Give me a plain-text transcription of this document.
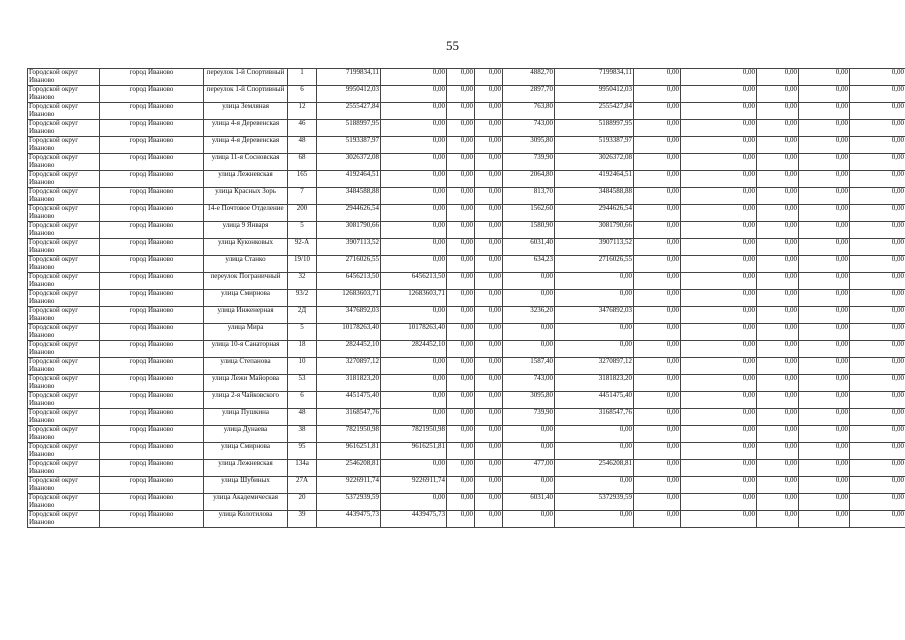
55
Городской округ Иваново	город Иваново	переулок 1-й Спортивный	1	7199834,11	0,00	0,00	0,00	4882,70	7199834,11	0,00	0,00	0,00	0,00	0,00
Городской округ Иваново	город Иваново	переулок 1-й Спортивный	6	9950412,03	0,00	0,00	0,00	2897,70	9950412,03	0,00	0,00	0,00	0,00	0,00
Городской округ Иваново	город Иваново	улица Земляная	12	2555427,84	0,00	0,00	0,00	763,80	2555427,84	0,00	0,00	0,00	0,00	0,00
Городской округ Иваново	город Иваново	улица 4-я Деревенская	46	5188997,95	0,00	0,00	0,00	743,00	5188997,95	0,00	0,00	0,00	0,00	0,00
Городской округ Иваново	город Иваново	улица 4-я Деревенская	48	5193387,97	0,00	0,00	0,00	3095,80	5193387,97	0,00	0,00	0,00	0,00	0,00
Городской округ Иваново	город Иваново	улица 11-я Сосновская	68	3026372,08	0,00	0,00	0,00	739,90	3026372,08	0,00	0,00	0,00	0,00	0,00
Городской округ Иваново	город Иваново	улица Лежневская	165	4192464,51	0,00	0,00	0,00	2064,80	4192464,51	0,00	0,00	0,00	0,00	0,00
Городской округ Иваново	город Иваново	улица Красных Зорь	7	3484588,88	0,00	0,00	0,00	813,70	3484588,88	0,00	0,00	0,00	0,00	0,00
Городской округ Иваново	город Иваново	14-е Почтовое Отделение	200	2944626,54	0,00	0,00	0,00	1562,60	2944626,54	0,00	0,00	0,00	0,00	0,00
Городской округ Иваново	город Иваново	улица 9 Января	5	3081790,66	0,00	0,00	0,00	1580,90	3081790,66	0,00	0,00	0,00	0,00	0,00
Городской округ Иваново	город Иваново	улица Куконковых	92-А	3907113,52	0,00	0,00	0,00	6031,40	3907113,52	0,00	0,00	0,00	0,00	0,00
Городской округ Иваново	город Иваново	улица Станко	19/10	2716026,55	0,00	0,00	0,00	634,23	2716026,55	0,00	0,00	0,00	0,00	0,00
Городской округ Иваново	город Иваново	переулок Пограничный	32	6456213,50	6456213,50	0,00	0,00	0,00	0,00	0,00	0,00	0,00	0,00	0,00
Городской округ Иваново	город Иваново	улица Смирнова	93/2	12683603,71	12683603,71	0,00	0,00	0,00	0,00	0,00	0,00	0,00	0,00	0,00
Городской округ Иваново	город Иваново	улица Инженерная	2Д	3476892,03	0,00	0,00	0,00	3236,20	3476892,03	0,00	0,00	0,00	0,00	0,00
Городской округ Иваново	город Иваново	улица Мира	5	10178263,40	10178263,40	0,00	0,00	0,00	0,00	0,00	0,00	0,00	0,00	0,00
Городской округ Иваново	город Иваново	улица 10-я Санаторная	18	2824452,10	2824452,10	0,00	0,00	0,00	0,00	0,00	0,00	0,00	0,00	0,00
Городской округ Иваново	город Иваново	улица Степанова	10	3270897,12	0,00	0,00	0,00	1587,40	3270897,12	0,00	0,00	0,00	0,00	0,00
Городской округ Иваново	город Иваново	улица Лежи Майорова	53	3181823,20	0,00	0,00	0,00	743,00	3181823,20	0,00	0,00	0,00	0,00	0,00
Городской округ Иваново	город Иваново	улица 2-я Чайковского	6	4451475,40	0,00	0,00	0,00	3095,80	4451475,40	0,00	0,00	0,00	0,00	0,00
Городской округ Иваново	город Иваново	улица Пушкина	48	3168547,76	0,00	0,00	0,00	739,90	3168547,76	0,00	0,00	0,00	0,00	0,00
Городской округ Иваново	город Иваново	улица Дунаева	38	7821950,98	7821950,98	0,00	0,00	0,00	0,00	0,00	0,00	0,00	0,00	0,00
Городской округ Иваново	город Иваново	улица Смирнова	95	9616251,81	9616251,81	0,00	0,00	0,00	0,00	0,00	0,00	0,00	0,00	0,00
Городской округ Иваново	город Иваново	улица Лежневская	134а	2546208,81	0,00	0,00	0,00	477,00	2546208,81	0,00	0,00	0,00	0,00	0,00
Городской округ Иваново	город Иваново	улица Шубиных	27А	9226911,74	9226911,74	0,00	0,00	0,00	0,00	0,00	0,00	0,00	0,00	0,00
Городской округ Иваново	город Иваново	улица Академическая	20	5372939,59	0,00	0,00	0,00	6031,40	5372939,59	0,00	0,00	0,00	0,00	0,00
Городской округ Иваново	город Иваново	улица Колотилова	39	4439475,73	4439475,73	0,00	0,00	0,00	0,00	0,00	0,00	0,00	0,00	0,00
